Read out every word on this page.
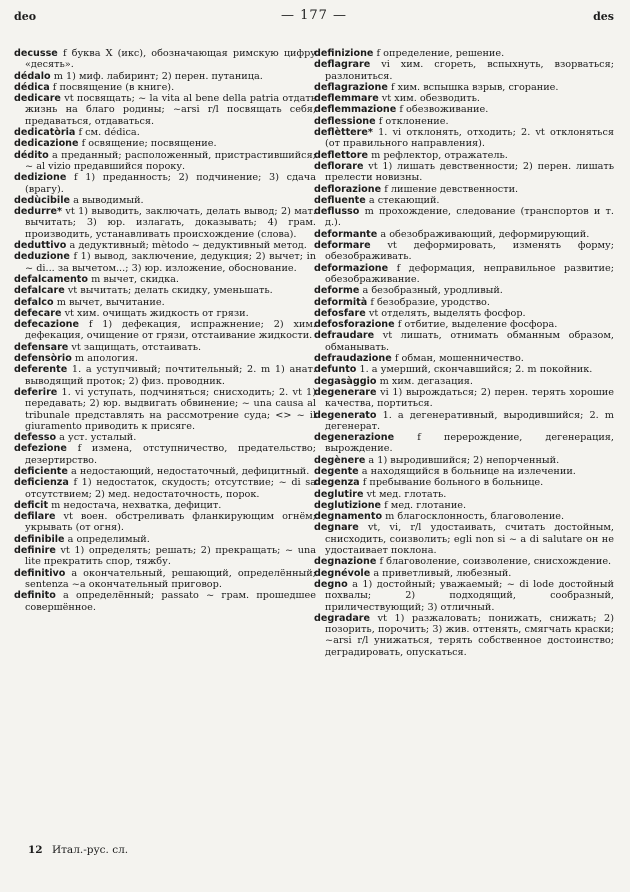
deo	— 177 —	des

decusse f буква X (икс), обозначающая римскую цифру «десять».

dédalo m 1) миф. лабиринт; 2) перен. путаница.

dédica f посвящение (в книге).

dedicare vt посвящать; ~ la vita al bene della patria отдать жизнь на благо родины; ~arsi r/l посвящать себя, предаваться, отдаваться.

dedicatòria f см. dédica.

dedicazione f освящение; посвящение.

dédito a преданный; расположенный, пристрастившийся; ~ al vizio предавшийся пороку.

dedizione f 1) преданность; 2) подчинение; 3) сдача (врагу).

dedùcibile a выводимый.

dedurre* vt 1) выводить, заключать, делать вывод; 2) мат. вычитать; 3) юр. излагать, доказывать; 4) грам. производить, устанавливать происхождение (слова).

deduttivo a дедуктивный; mètodo ~ дедуктивный метод.

deduzione f 1) вывод, заключение, дедукция; 2) вычет; in ~ di... за вычетом...; 3) юр. изложение, обоснование.

defalcamento m вычет, скидка.

defalcare vt вычитать; делать скидку, уменьшать.

defalco m вычет, вычитание.

defecare vt хим. очищать жидкость от грязи.

defecazione f 1) дефекация, испражнение; 2) хим. дефекация, очищение от грязи, отстаивание жидкости.

defensare vt защищать, отстаивать.

defensòrio m апология.

deferente 1. a уступчивый; почтительный; 2. m 1) анат. выводящий проток; 2) физ. проводник.

deferire 1. vi уступать, подчиняться; снисходить; 2. vt 1) передавать; 2) юр. выдвигать обвинение; ~ una causa al tribunale представлять на рассмотрение суда; <> ~ il giuramento приводить к присяге.

defesso a уст. усталый.

defezione f измена, отступничество, предательство; дезертирство.

deficiente a недостающий, недостаточный, дефицитный.

deficienza f 1) недостаток, скудость; отсутствие; ~ di sa отсутствием; 2) мед. недостаточность, порок.

deficit m недостача, нехватка, дефицит.

defilare vt воен. обстреливать фланкирующим огнём; укрывать (от огня).

definibile a определимый.

definire vt 1) определять; решать; 2) прекращать; ~ una lite прекратить спор, тяжбу.

definitivo a окончательный, решающий, определённый; sentenza ~a окончательный приговор.

definito a определённый; passato ~ грам. прошедшее совершённое.

definizione f определение, решение.

deflagrare vi хим. сгореть, вспыхнуть, взорваться; разлониться.

deflagrazione f хим. вспышка взрыв, сгорание.

deflemmare vt хим. обезводить.

deflemmazione f обезвоживание.

deflessione f отклонение.

deflèttere* 1. vi отклонять, отходить; 2. vt отклоняться (от правильного направления).

deflettore m рефлектор, отражатель.

deflorare vt 1) лишать девственности; 2) перен. лишать прелести новизны.

deflorazione f лишение девственности.

defluente a стекающий.

deflusso m прохождение, следование (транспортов и т. д.).

deformante a обезображивающий, деформирующий.

deformare vt деформировать, изменять форму; обезображивать.

deformazione f деформация, неправильное развитие; обезображивание.

deforme a безобразный, уродливый.

deformità f безобразие, уродство.

defosfare vt отделять, выделять фосфор.

defosforazione f отбитие, выделение фосфора.

defraudare vt лишать, отнимать обманным образом, обманывать.

defraudazione f обман, мошенничество.

defunto 1. a умерший, скончавшийся; 2. m покойник.

degasàggio m хим. дегазация.

degenerare vi 1) вырождаться; 2) перен. терять хорошие качества, портиться.

degenerato 1. a дегенеративный, выродившийся; 2. m дегенерат.

degenerazione f перерождение, дегенерация, вырождение.

degènere a 1) выродившийся; 2) непорченный.

degente a находящийся в больнице на излечении.

degenza f пребывание больного в больнице.

deglutire vt мед. глотать.

deglutizione f мед. глотание.

degnamento m благосклонность, благоволение.

degnare vt, vi, r/l удостаивать, считать достойным, снисходить, соизволить; egli non si ~ a di salutare он не удостаивает поклона.

degnazione f благоволение, соизволение, снисхождение.

degnévole a приветливый, любезный.

degno a 1) достойный; уважаемый; ~ di lode достойный похвалы; 2) подходящий, сообразный, приличествующий; 3) отличный.

degradare vt 1) разжаловать; понижать, снижать; 2) позорить, порочить; 3) жив. оттенять, смягчать краски; ~arsi r/l унижаться, терять собственное достоинство; деградировать, опускаться.

12 Итал.-рус. сл.
